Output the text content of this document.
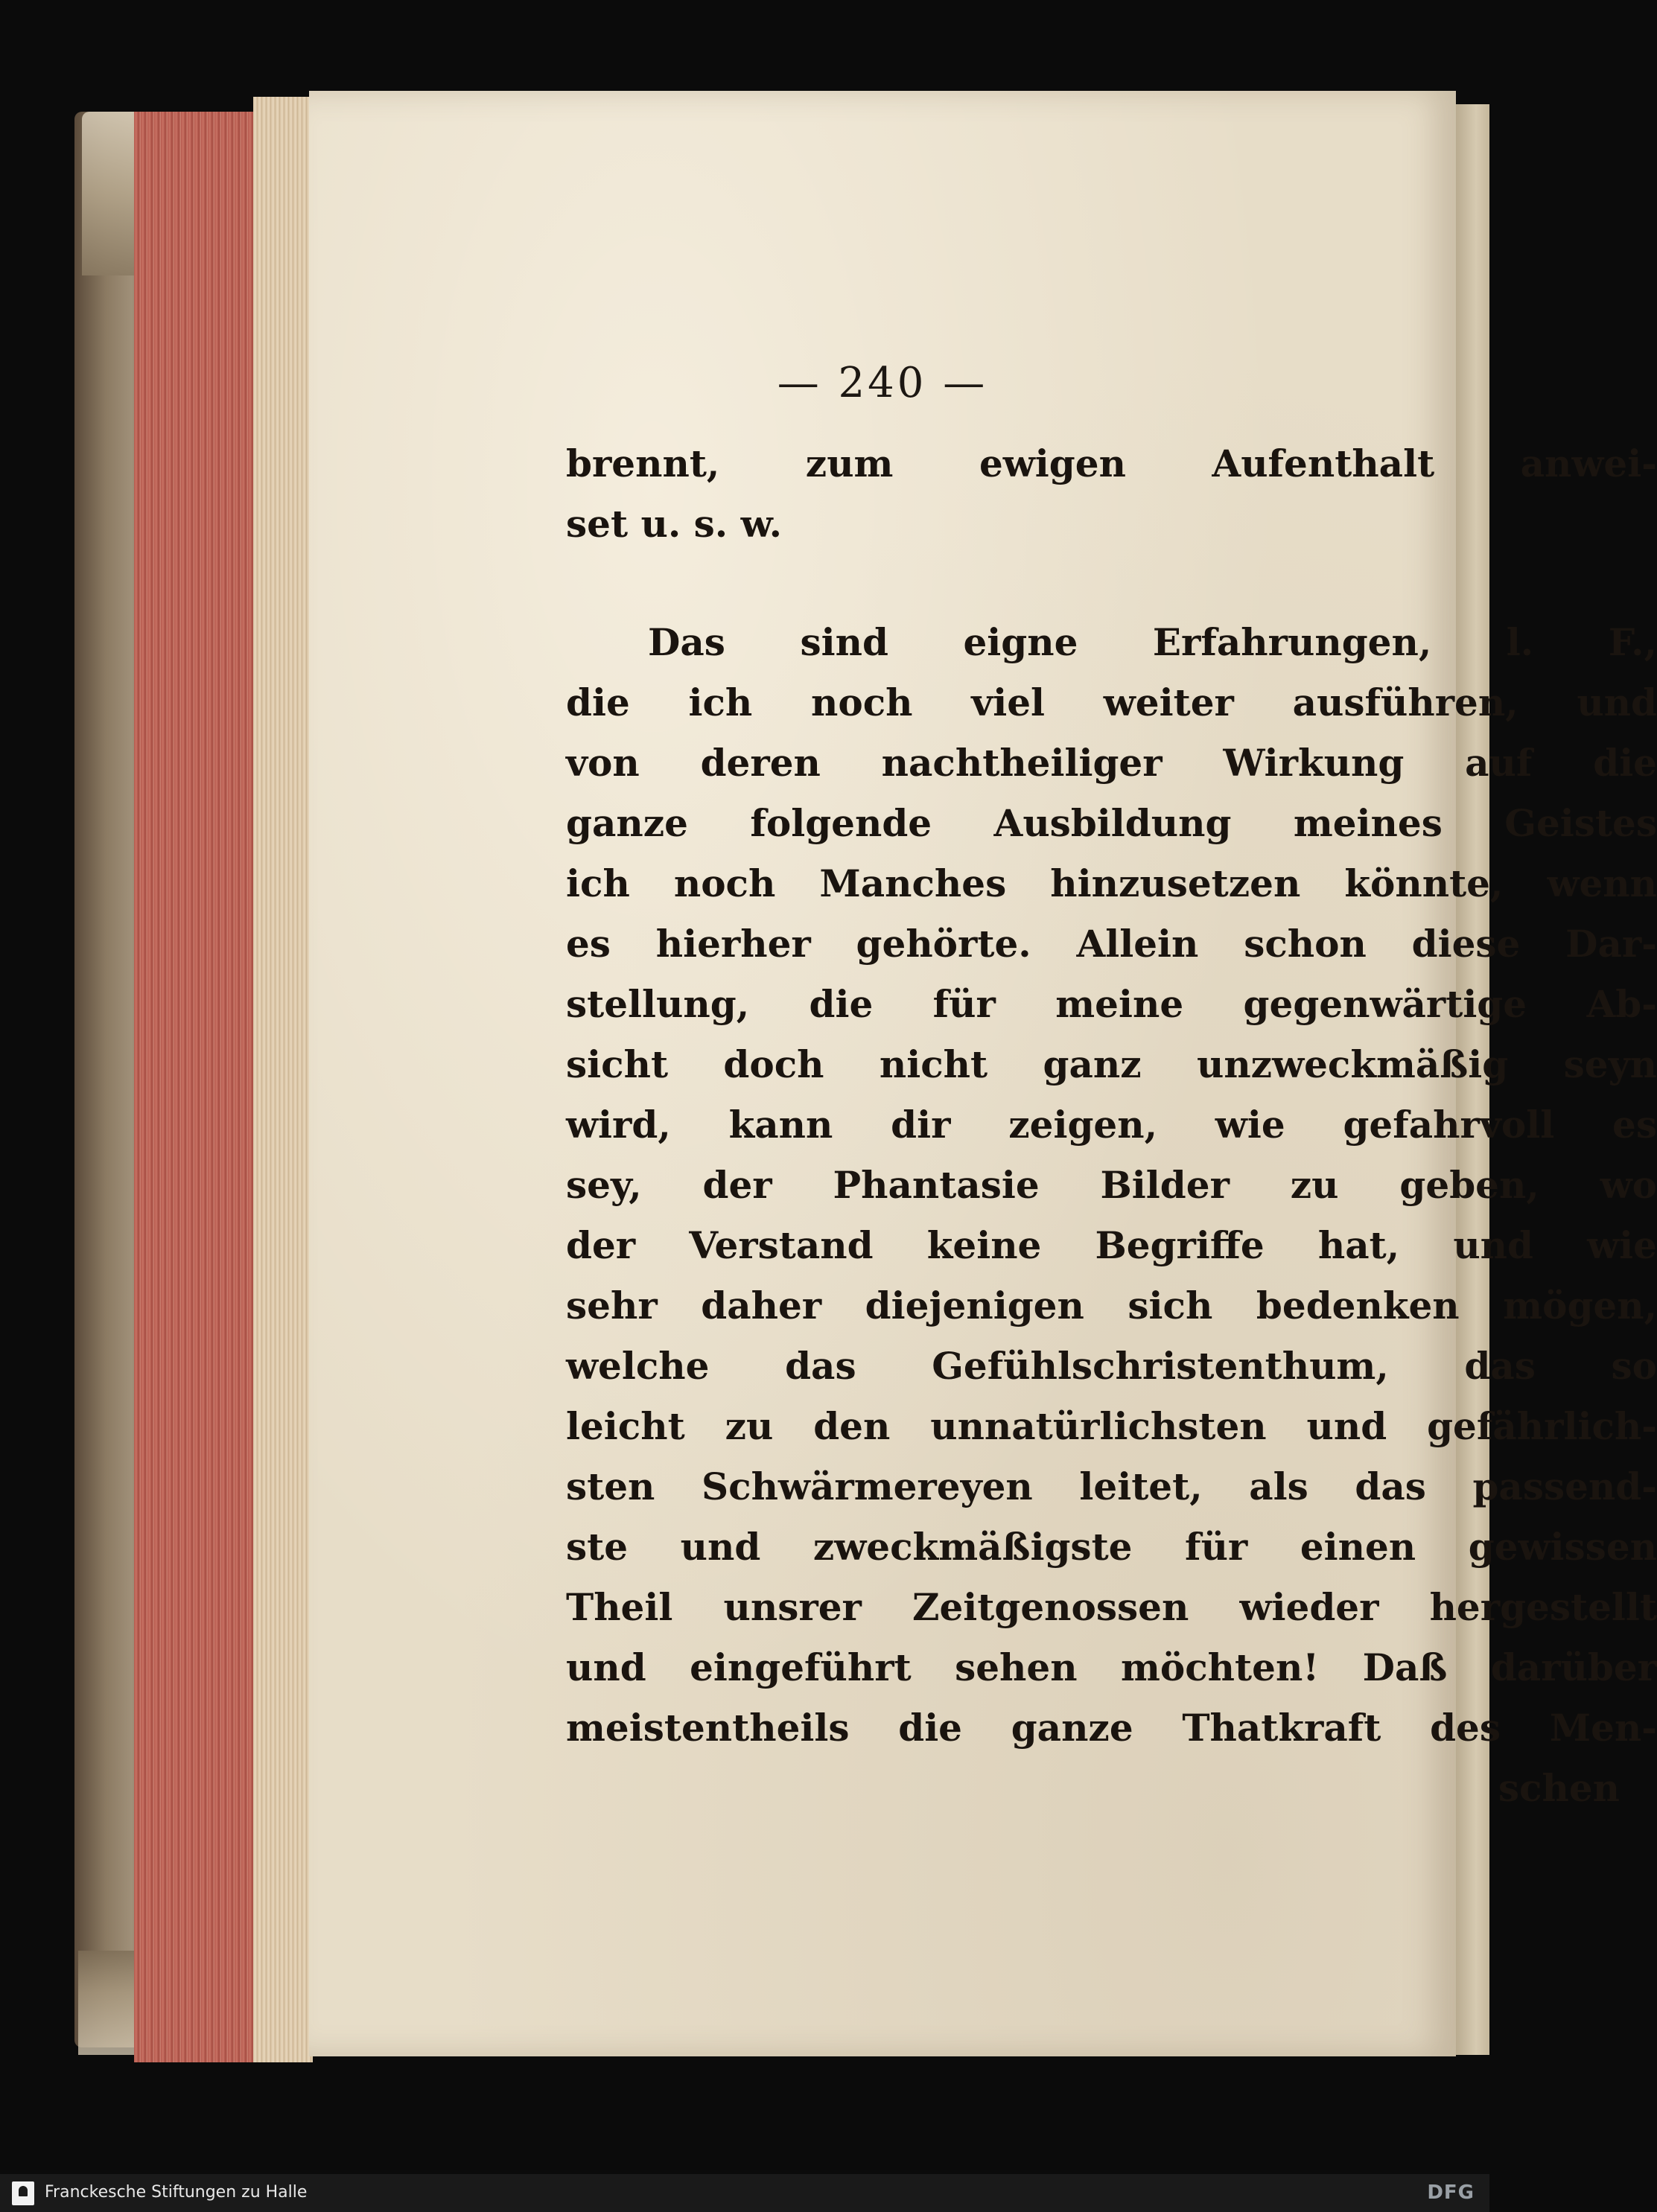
— 240 —
brennt, zum ewigen Aufenthalt anwei-
set u. s. w.
Das sind eigne Erfahrungen, l. F.,
die ich noch viel weiter ausführen, und
von deren nachtheiliger Wirkung auf die
ganze folgende Ausbildung meines Geistes
ich noch Manches hinzusetzen könnte, wenn
es hierher gehörte. Allein schon diese Dar-
stellung, die für meine gegenwärtige Ab-
sicht doch nicht ganz unzweckmäßig seyn
wird, kann dir zeigen, wie gefahrvoll es
sey, der Phantasie Bilder zu geben, wo
der Verstand keine Begriffe hat, und wie
sehr daher diejenigen sich bedenken mögen,
welche das Gefühlschristenthum, das so
leicht zu den unnatürlichsten und gefährlich-
sten Schwärmereyen leitet, als das passend-
ste und zweckmäßigste für einen gewissen
Theil unsrer Zeitgenossen wieder hergestellt
und eingeführt sehen möchten! Daß darüber
meistentheils die ganze Thatkraft des Men-
schen
Franckesche Stiftungen zu Halle	DFG
